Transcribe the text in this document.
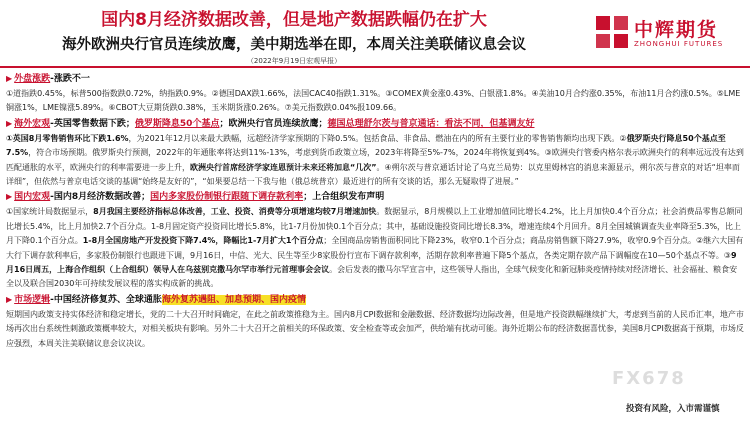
国内8月经济数据改善，但是地产数据跌幅仍在扩大
海外欧洲央行官员连续放鹰，美中期选举在即，本周关注美联储议息会议
（2022年9月19日宏观早报）
中辉期货
ZHONGHUI FUTURES

▶ 外盘涨跌-涨跌不一

①道指跌0.45%，标普500指数跌0.72%，纳指跌0.9%。②德国DAX跌1.66%，法国CAC40指跌1.31%。③COMEX黄金涨0.43%、白银涨1.8%。④美油10月合约涨0.35%，布油11月合约涨0.5%。⑤LME铜涨1%，LME镍涨5.89%。⑥CBOT大豆期货跌0.38%，玉米期货涨0.26%。⑦美元指数跌0.04%报109.66。

▶ 海外宏观-英国零售数据下跌；俄罗斯降息50个基点；欧洲央行官员连续放鹰；德国总理舒尔茨与普京通话：看法不同，但基调友好

①英国8月零售销售环比下跌1.6%，为2021年12月以来最大跌幅，远超经济学家预期的下降0.5%。包括食品、非食品、燃油在内的所有主要行业的零售销售额均出现下跌。②俄罗斯央行降息50个基点至7.5%，符合市场预期。俄罗斯央行预测，2022年的年通胀率将达到11%-13%，考虑到货币政策立场，2023年将降至5%-7%，2024年将恢复到4%。③欧洲央行管委内格尔表示欧洲央行的利率远远没有达到匹配通胀的水平，欧洲央行的利率需要进一步上升，欧洲央行首席经济学家连恩预计未来还将加息“几次”。④朔尔茨与普京通话讨论了乌克兰局势：以克里姆林宫的消息来源显示，朔尔茨与普京的对话“坦率而详细”，但依然与普京电话交谈的基调“始终是友好的”，“如果要总结一下我与他（俄总统普京）最近进行的所有交谈的话，那么无疑取得了进展。”

▶ 国内宏观-国内8月经济数据改善；国内多家股份制银行跟随下调存款利率；上合组织发布声明

①国家统计局数据显示，8月我国主要经济指标总体改善，工业、投资、消费等分项增速均较7月增速加快。数据显示，8月规模以上工业增加值同比增长4.2%，比上月加快0.4个百分点；社会消费品零售总额同比增长5.4%，比上月加快2.7个百分点。1-8月固定资产投资同比增长5.8%，比1-7月份加快0.1个百分点；其中，基础设施投资同比增长8.3%，增速连续4个月回升。8月全国城镇调查失业率降至5.3%，比上月下降0.1个百分点。1-8月全国房地产开发投资下降7.4%，降幅比1-7月扩大1个百分点；全国商品房销售面积同比下降23%，收窄0.1个百分点；商品房销售额下降27.9%，收窄0.9个百分点。②继六大国有大行下调存款利率后，多家股份制银行也跟进下调，9月16日，中信、光大、民生等至少8家股份行宣布下调存款利率，活期存款利率普遍下降5个基点，各类定期存款产品下调幅度在10—50个基点不等。③9月16日周五，上海合作组织（上合组织）领导人在乌兹别克撒马尔罕市举行元首理事会会议。会后发表的撒马尔罕宣言中，这些领导人指出，全球气候变化和新冠肺炎疫情持续对经济增长、社会福祉、粮食安全以及联合国2030年可持续发展议程的落实构成新的挑战。

▶ 市场逻辑-中国经济修复苏、全球通胀海外复苏遇阻、加息预期、国内疫情

短期国内政策支持实体经济和稳定增长，党的二十大召开时间确定，在此之前政策推稳为主。国内8月CPI数据和金融数据、经济数据均边际改善，但是地产投资跌幅继续扩大，考虑到当前的人民币汇率，地产市场再次出台系统性刺激政策概率较大，对相关板块有影响。另外二十大召开之前相关的环保政策、安全检查等或会加严，供给端有扰动可能。海外近期公布的经济数据喜忧参，美国8月CPI数据高于预期，市场反应强烈，本周关注美联储议息会议决议。

FX678
投资有风险，入市需谨慎
